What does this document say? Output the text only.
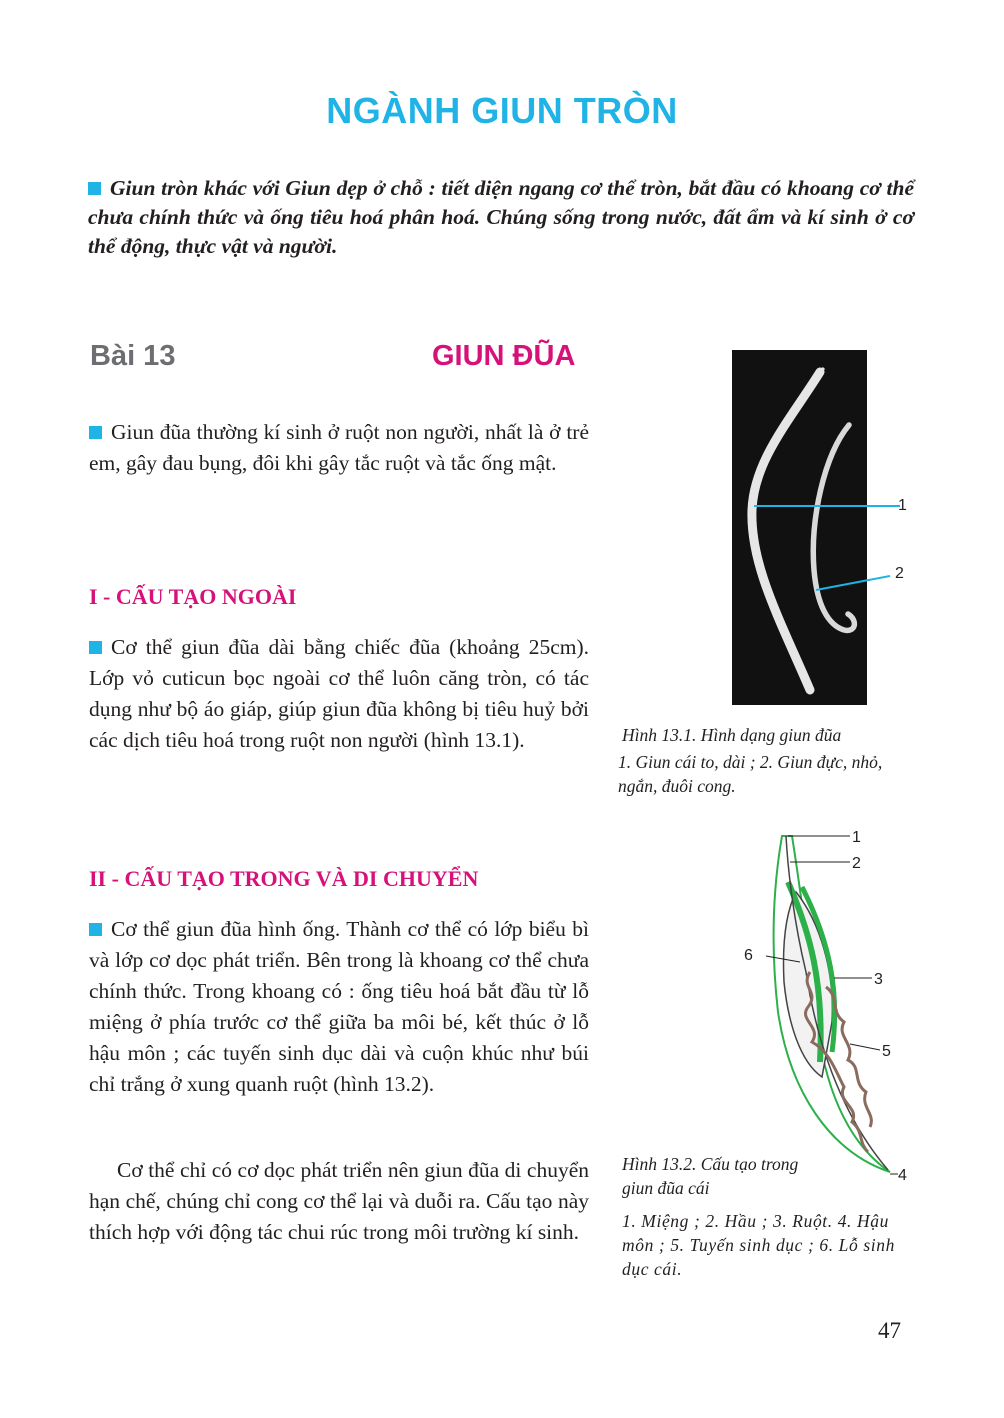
NGÀNH GIUN TRÒN
Giun tròn khác với Giun dẹp ở chỗ : tiết diện ngang cơ thể tròn, bắt đầu có khoang cơ thể chưa chính thức và ống tiêu hoá phân hoá. Chúng sống trong nước, đất ẩm và kí sinh ở cơ thể động, thực vật và người.
Bài 13	GIUN ĐŨA
Giun đũa thường kí sinh ở ruột non người, nhất là ở trẻ em, gây đau bụng, đôi khi gây tắc ruột và tắc ống mật.
I - CẤU TẠO NGOÀI
Cơ thể giun đũa dài bằng chiếc đũa (khoảng 25cm). Lớp vỏ cuticun bọc ngoài cơ thể luôn căng tròn, có tác dụng như bộ áo giáp, giúp giun đũa không bị tiêu huỷ bởi các dịch tiêu hoá trong ruột non người (hình 13.1).
II - CẤU TẠO TRONG VÀ DI CHUYỂN
Cơ thể giun đũa hình ống. Thành cơ thể có lớp biểu bì và lớp cơ dọc phát triển. Bên trong là khoang cơ thể chưa chính thức. Trong khoang có : ống tiêu hoá bắt đầu từ lỗ miệng ở phía trước cơ thể giữa ba môi bé, kết thúc ở lỗ hậu môn ; các tuyến sinh dục dài và cuộn khúc như búi chỉ trắng ở xung quanh ruột (hình 13.2).
Cơ thể chỉ có cơ dọc phát triển nên giun đũa di chuyển hạn chế, chúng chỉ cong cơ thể lại và duỗi ra. Cấu tạo này thích hợp với động tác chui rúc trong môi trường kí sinh.
1
2
Hình 13.1. Hình dạng giun đũa
1. Giun cái to, dài ; 2. Giun đực, nhỏ, ngắn, đuôi cong.
1
2
3
4
5
6
Hình 13.2. Cấu tạo trong giun đũa cái
1. Miệng ; 2. Hầu ; 3. Ruột. 4. Hậu môn ; 5. Tuyến sinh dục ; 6. Lỗ sinh dục cái.
47
